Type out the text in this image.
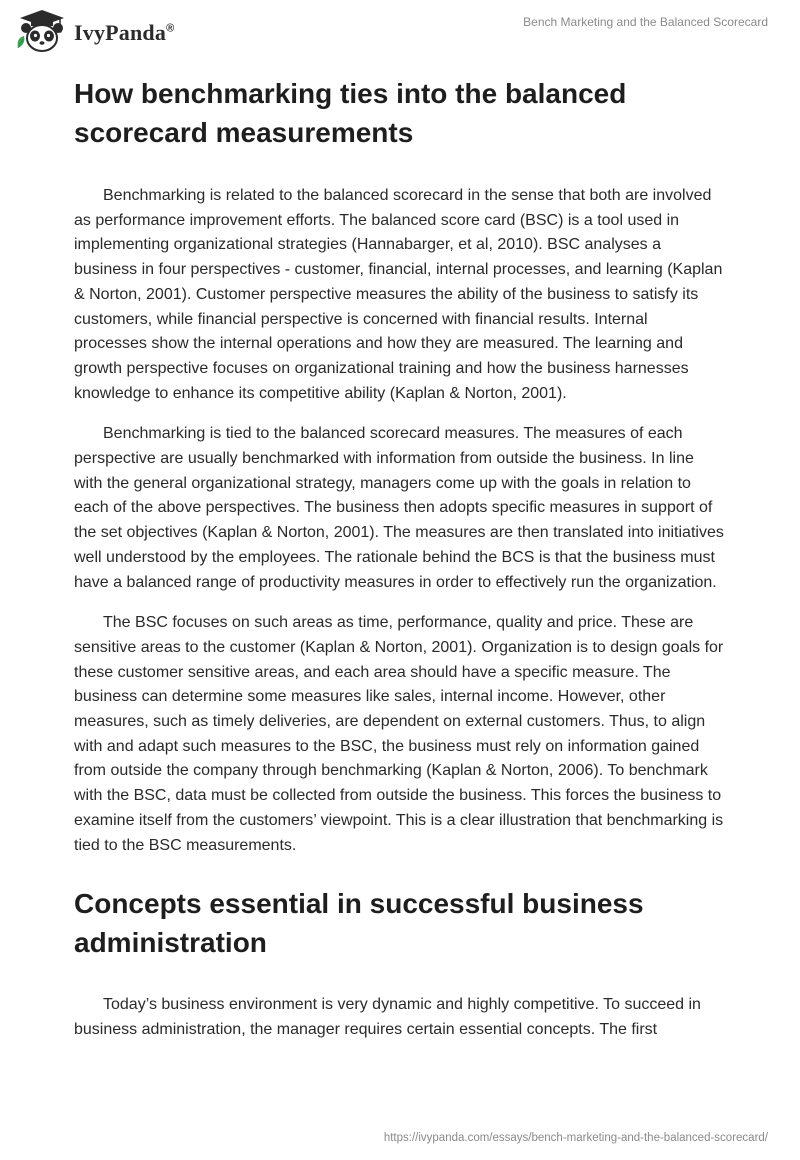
IvyPanda®	Bench Marketing and the Balanced Scorecard
How benchmarking ties into the balanced scorecard measurements

Benchmarking is related to the balanced scorecard in the sense that both are involved as performance improvement efforts. The balanced score card (BSC) is a tool used in implementing organizational strategies (Hannabarger, et al, 2010). BSC analyses a business in four perspectives - customer, financial, internal processes, and learning (Kaplan & Norton, 2001). Customer perspective measures the ability of the business to satisfy its customers, while financial perspective is concerned with financial results. Internal processes show the internal operations and how they are measured. The learning and growth perspective focuses on organizational training and how the business harnesses knowledge to enhance its competitive ability (Kaplan & Norton, 2001).

Benchmarking is tied to the balanced scorecard measures. The measures of each perspective are usually benchmarked with information from outside the business. In line with the general organizational strategy, managers come up with the goals in relation to each of the above perspectives. The business then adopts specific measures in support of the set objectives (Kaplan & Norton, 2001). The measures are then translated into initiatives well understood by the employees. The rationale behind the BCS is that the business must have a balanced range of productivity measures in order to effectively run the organization.

The BSC focuses on such areas as time, performance, quality and price. These are sensitive areas to the customer (Kaplan & Norton, 2001). Organization is to design goals for these customer sensitive areas, and each area should have a specific measure. The business can determine some measures like sales, internal income. However, other measures, such as timely deliveries, are dependent on external customers. Thus, to align with and adapt such measures to the BSC, the business must rely on information gained from outside the company through benchmarking (Kaplan & Norton, 2006). To benchmark with the BSC, data must be collected from outside the business. This forces the business to examine itself from the customers’ viewpoint. This is a clear illustration that benchmarking is tied to the BSC measurements.

Concepts essential in successful business administration

Today’s business environment is very dynamic and highly competitive. To succeed in business administration, the manager requires certain essential concepts. The first

https://ivypanda.com/essays/bench-marketing-and-the-balanced-scorecard/
